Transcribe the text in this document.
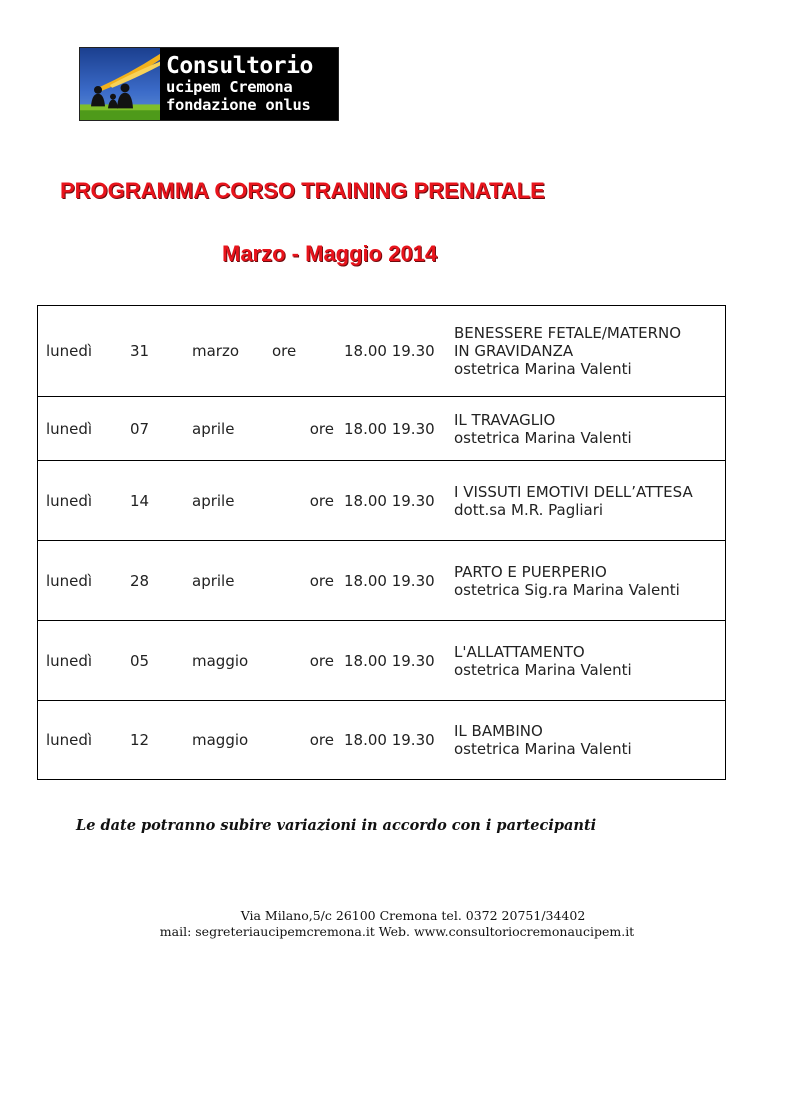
Consultorio
ucipem Cremona
fondazione onlus
PROGRAMMA CORSO TRAINING PRENATALE
Marzo - Maggio 2014
lunedì	31	marzo	ore	18.00 19.30	BENESSERE FETALE/MATERNO
IN GRAVIDANZA
ostetrica Marina Valenti

lunedì	07	aprile	ore	18.00 19.30	IL TRAVAGLIO
ostetrica Marina Valenti

lunedì	14	aprile	ore	18.00 19.30	I VISSUTI EMOTIVI DELL’ATTESA
dott.sa M.R. Pagliari

lunedì	28	aprile	ore	18.00 19.30	PARTO E PUERPERIO
ostetrica Sig.ra Marina Valenti

lunedì	05	maggio	ore	18.00 19.30	L'ALLATTAMENTO
ostetrica Marina Valenti

lunedì	12	maggio	ore	18.00 19.30	IL BAMBINO
ostetrica Marina Valenti
Le date potranno subire variazioni in accordo con i partecipanti
Via Milano,5/c 26100 Cremona tel. 0372 20751/34402
mail: segreteriaucipemcremona.it Web. www.consultoriocremonaucipem.it
